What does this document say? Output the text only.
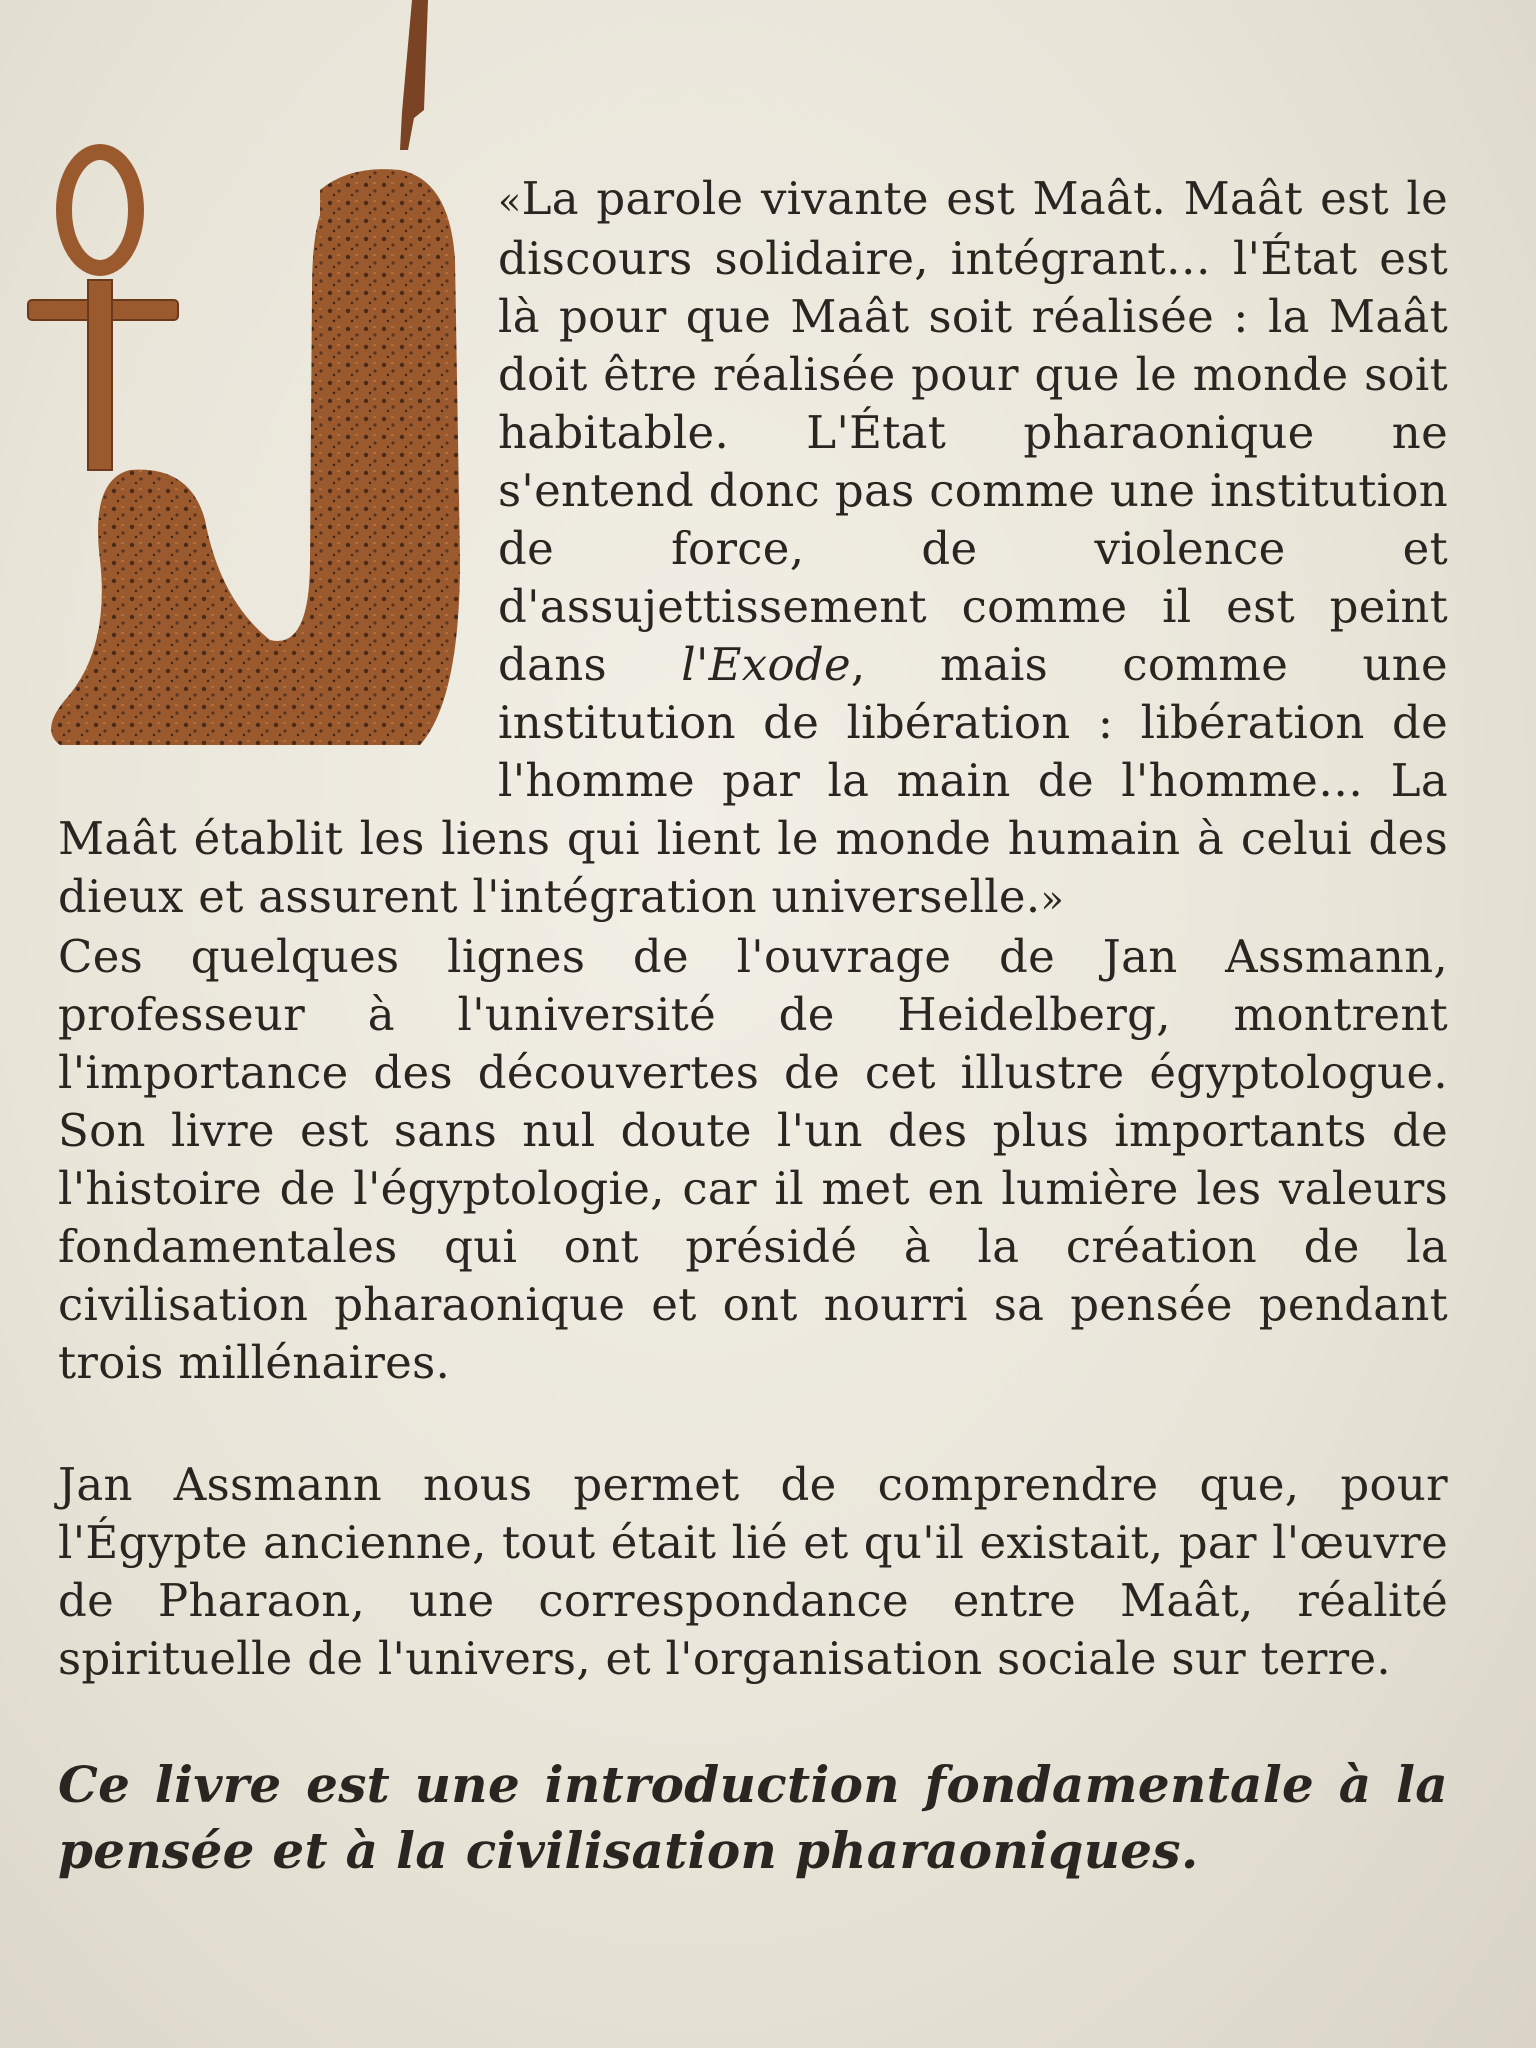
«La parole vivante est Maât. Maât est le discours solidaire, intégrant… l'État est là pour que Maât soit réalisée : la Maât doit être réalisée pour que le monde soit habitable. L'État pharaonique ne s'entend donc pas comme une institution de force, de violence et d'assujettissement comme il est peint dans l'Exode, mais comme une institution de libération : libération de l'homme par la main de l'homme… La Maât établit les liens qui lient le monde humain à celui des dieux et assurent l'intégration universelle.»

Ces quelques lignes de l'ouvrage de Jan Assmann, professeur à l'université de Heidelberg, montrent l'importance des découvertes de cet illustre égyptologue. Son livre est sans nul doute l'un des plus importants de l'histoire de l'égyptologie, car il met en lumière les valeurs fondamentales qui ont présidé à la création de la civilisation pharaonique et ont nourri sa pensée pendant trois millénaires.

Jan Assmann nous permet de comprendre que, pour l'Égypte ancienne, tout était lié et qu'il existait, par l'œuvre de Pharaon, une correspondance entre Maât, réalité spirituelle de l'univers, et l'organisation sociale sur terre.

Ce livre est une introduction fondamentale à la pensée et à la civilisation pharaoniques.
